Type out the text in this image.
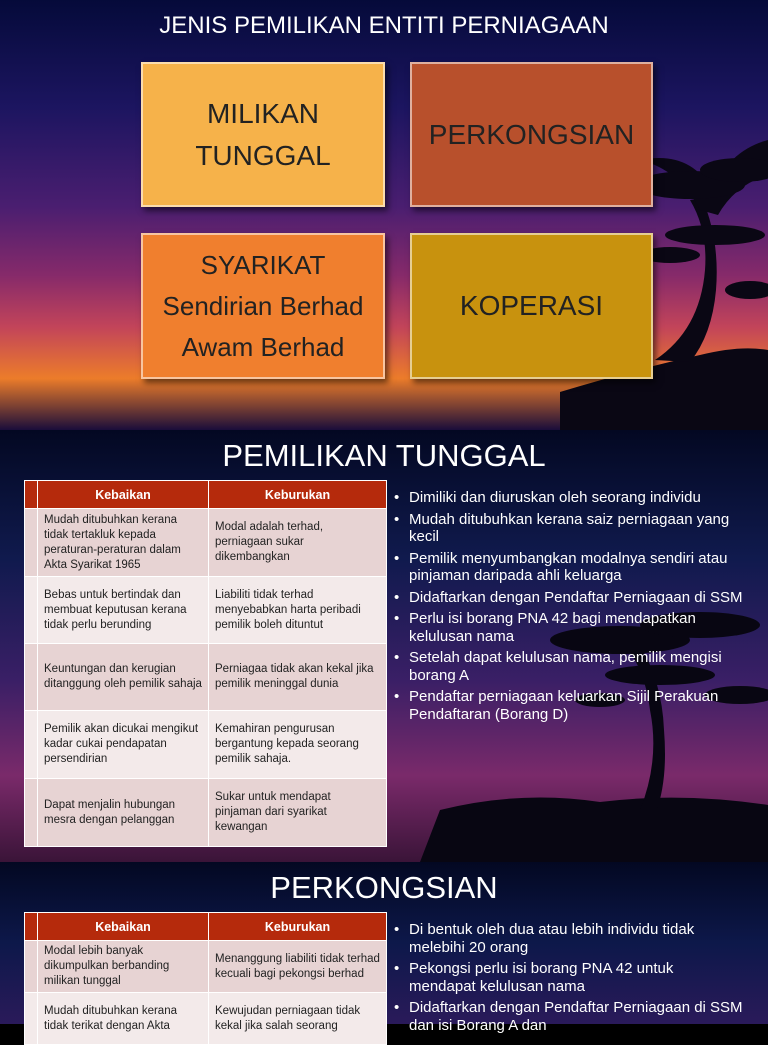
JENIS PEMILIKAN ENTITI PERNIAGAAN
MILIKAN
TUNGGAL
PERKONGSIAN
SYARIKAT
Sendirian Berhad
Awam Berhad
KOPERASI
PEMILIKAN TUNGGAL
	Kebaikan	Keburukan
	Mudah ditubuhkan kerana tidak tertakluk kepada peraturan-peraturan dalam Akta Syarikat 1965	Modal adalah terhad, perniagaan sukar dikembangkan
	Bebas untuk bertindak dan membuat keputusan kerana tidak perlu berunding	Liabiliti tidak terhad menyebabkan harta peribadi pemilik boleh dituntut
	Keuntungan dan kerugian ditanggung oleh pemilik sahaja	Perniagaa tidak akan kekal jika pemilik meninggal dunia
	Pemilik akan dicukai mengikut kadar cukai pendapatan persendirian	Kemahiran pengurusan bergantung kepada seorang pemilik sahaja.
	Dapat menjalin hubungan mesra dengan pelanggan	Sukar untuk mendapat pinjaman dari syarikat kewangan
• Dimiliki dan diuruskan oleh seorang individu
• Mudah ditubuhkan kerana saiz perniagaan yang kecil
• Pemilik menyumbangkan modalnya sendiri atau pinjaman daripada ahli keluarga
• Didaftarkan dengan Pendaftar Perniagaan di SSM
• Perlu isi borang PNA 42 bagi mendapatkan kelulusan nama
• Setelah dapat kelulusan nama, pemilik mengisi borang A
• Pendaftar perniagaan keluarkan Sijil Perakuan Pendaftaran (Borang D)
PERKONGSIAN
	Kebaikan	Keburukan
	Modal lebih banyak dikumpulkan berbanding milikan tunggal	Menanggung liabiliti tidak terhad kecuali bagi pekongsi berhad
	Mudah ditubuhkan kerana tidak terikat dengan Akta	Kewujudan perniagaan tidak kekal jika salah seorang
• Di bentuk oleh dua atau lebih individu tidak melebihi 20 orang
• Pekongsi perlu isi borang PNA 42 untuk mendapat kelulusan nama
• Didaftarkan dengan Pendaftar Perniagaan di SSM dan isi Borang A dan
